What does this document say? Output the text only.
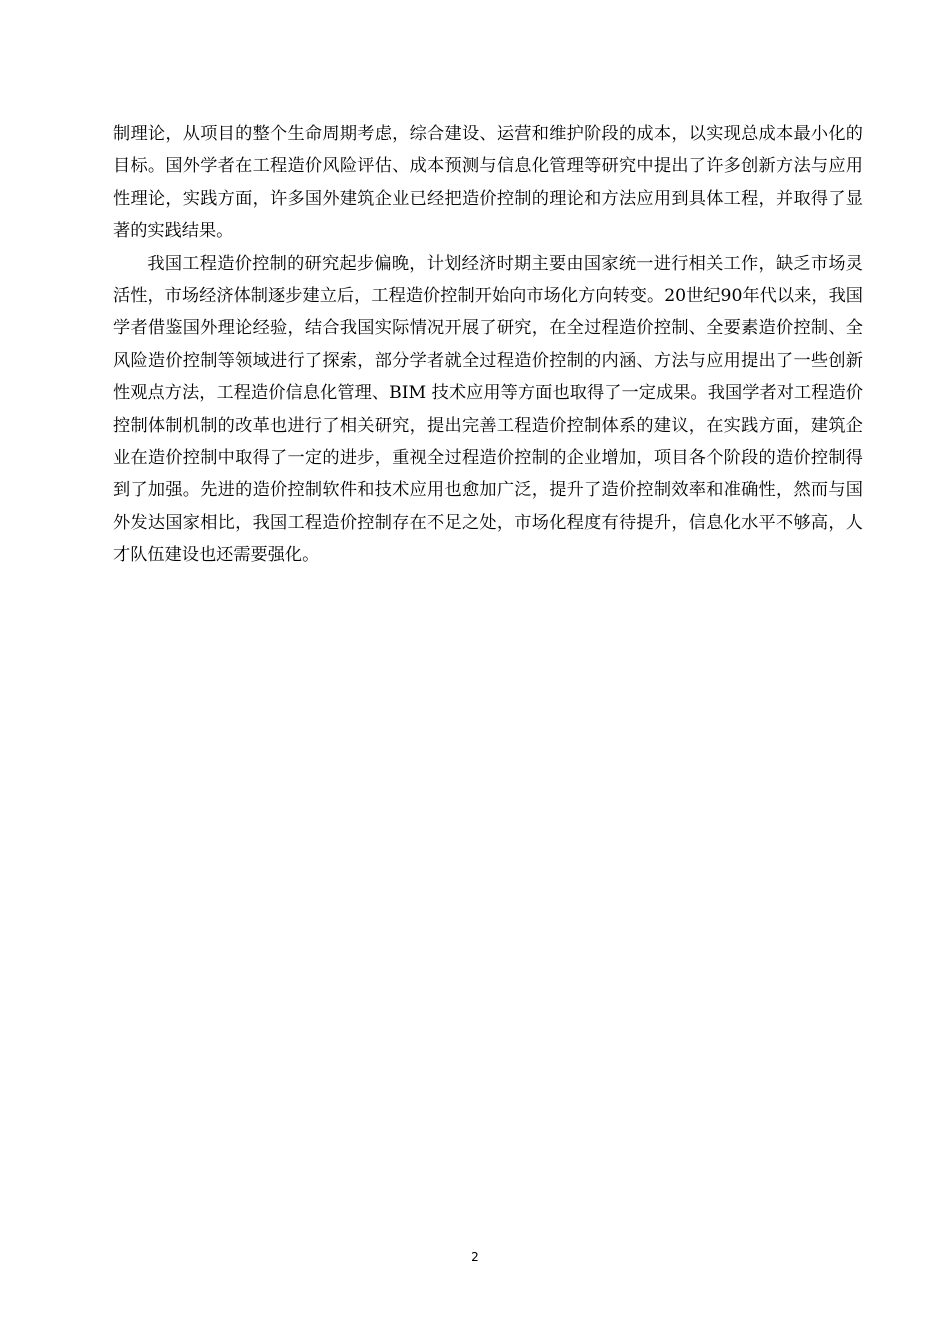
制理论，从项目的整个生命周期考虑，综合建设、运营和维护阶段的成本，以实现总成本最小化的目标。国外学者在工程造价风险评估、成本预测与信息化管理等研究中提出了许多创新方法与应用性理论，实践方面，许多国外建筑企业已经把造价控制的理论和方法应用到具体工程，并取得了显著的实践结果。

我国工程造价控制的研究起步偏晚，计划经济时期主要由国家统一进行相关工作，缺乏市场灵活性，市场经济体制逐步建立后，工程造价控制开始向市场化方向转变。20世纪90年代以来，我国学者借鉴国外理论经验，结合我国实际情况开展了研究，在全过程造价控制、全要素造价控制、全风险造价控制等领域进行了探索，部分学者就全过程造价控制的内涵、方法与应用提出了一些创新性观点方法，工程造价信息化管理、BIM 技术应用等方面也取得了一定成果。我国学者对工程造价控制体制机制的改革也进行了相关研究，提出完善工程造价控制体系的建议，在实践方面，建筑企业在造价控制中取得了一定的进步，重视全过程造价控制的企业增加，项目各个阶段的造价控制得到了加强。先进的造价控制软件和技术应用也愈加广泛，提升了造价控制效率和准确性，然而与国外发达国家相比，我国工程造价控制存在不足之处，市场化程度有待提升，信息化水平不够高，人才队伍建设也还需要强化。

2
